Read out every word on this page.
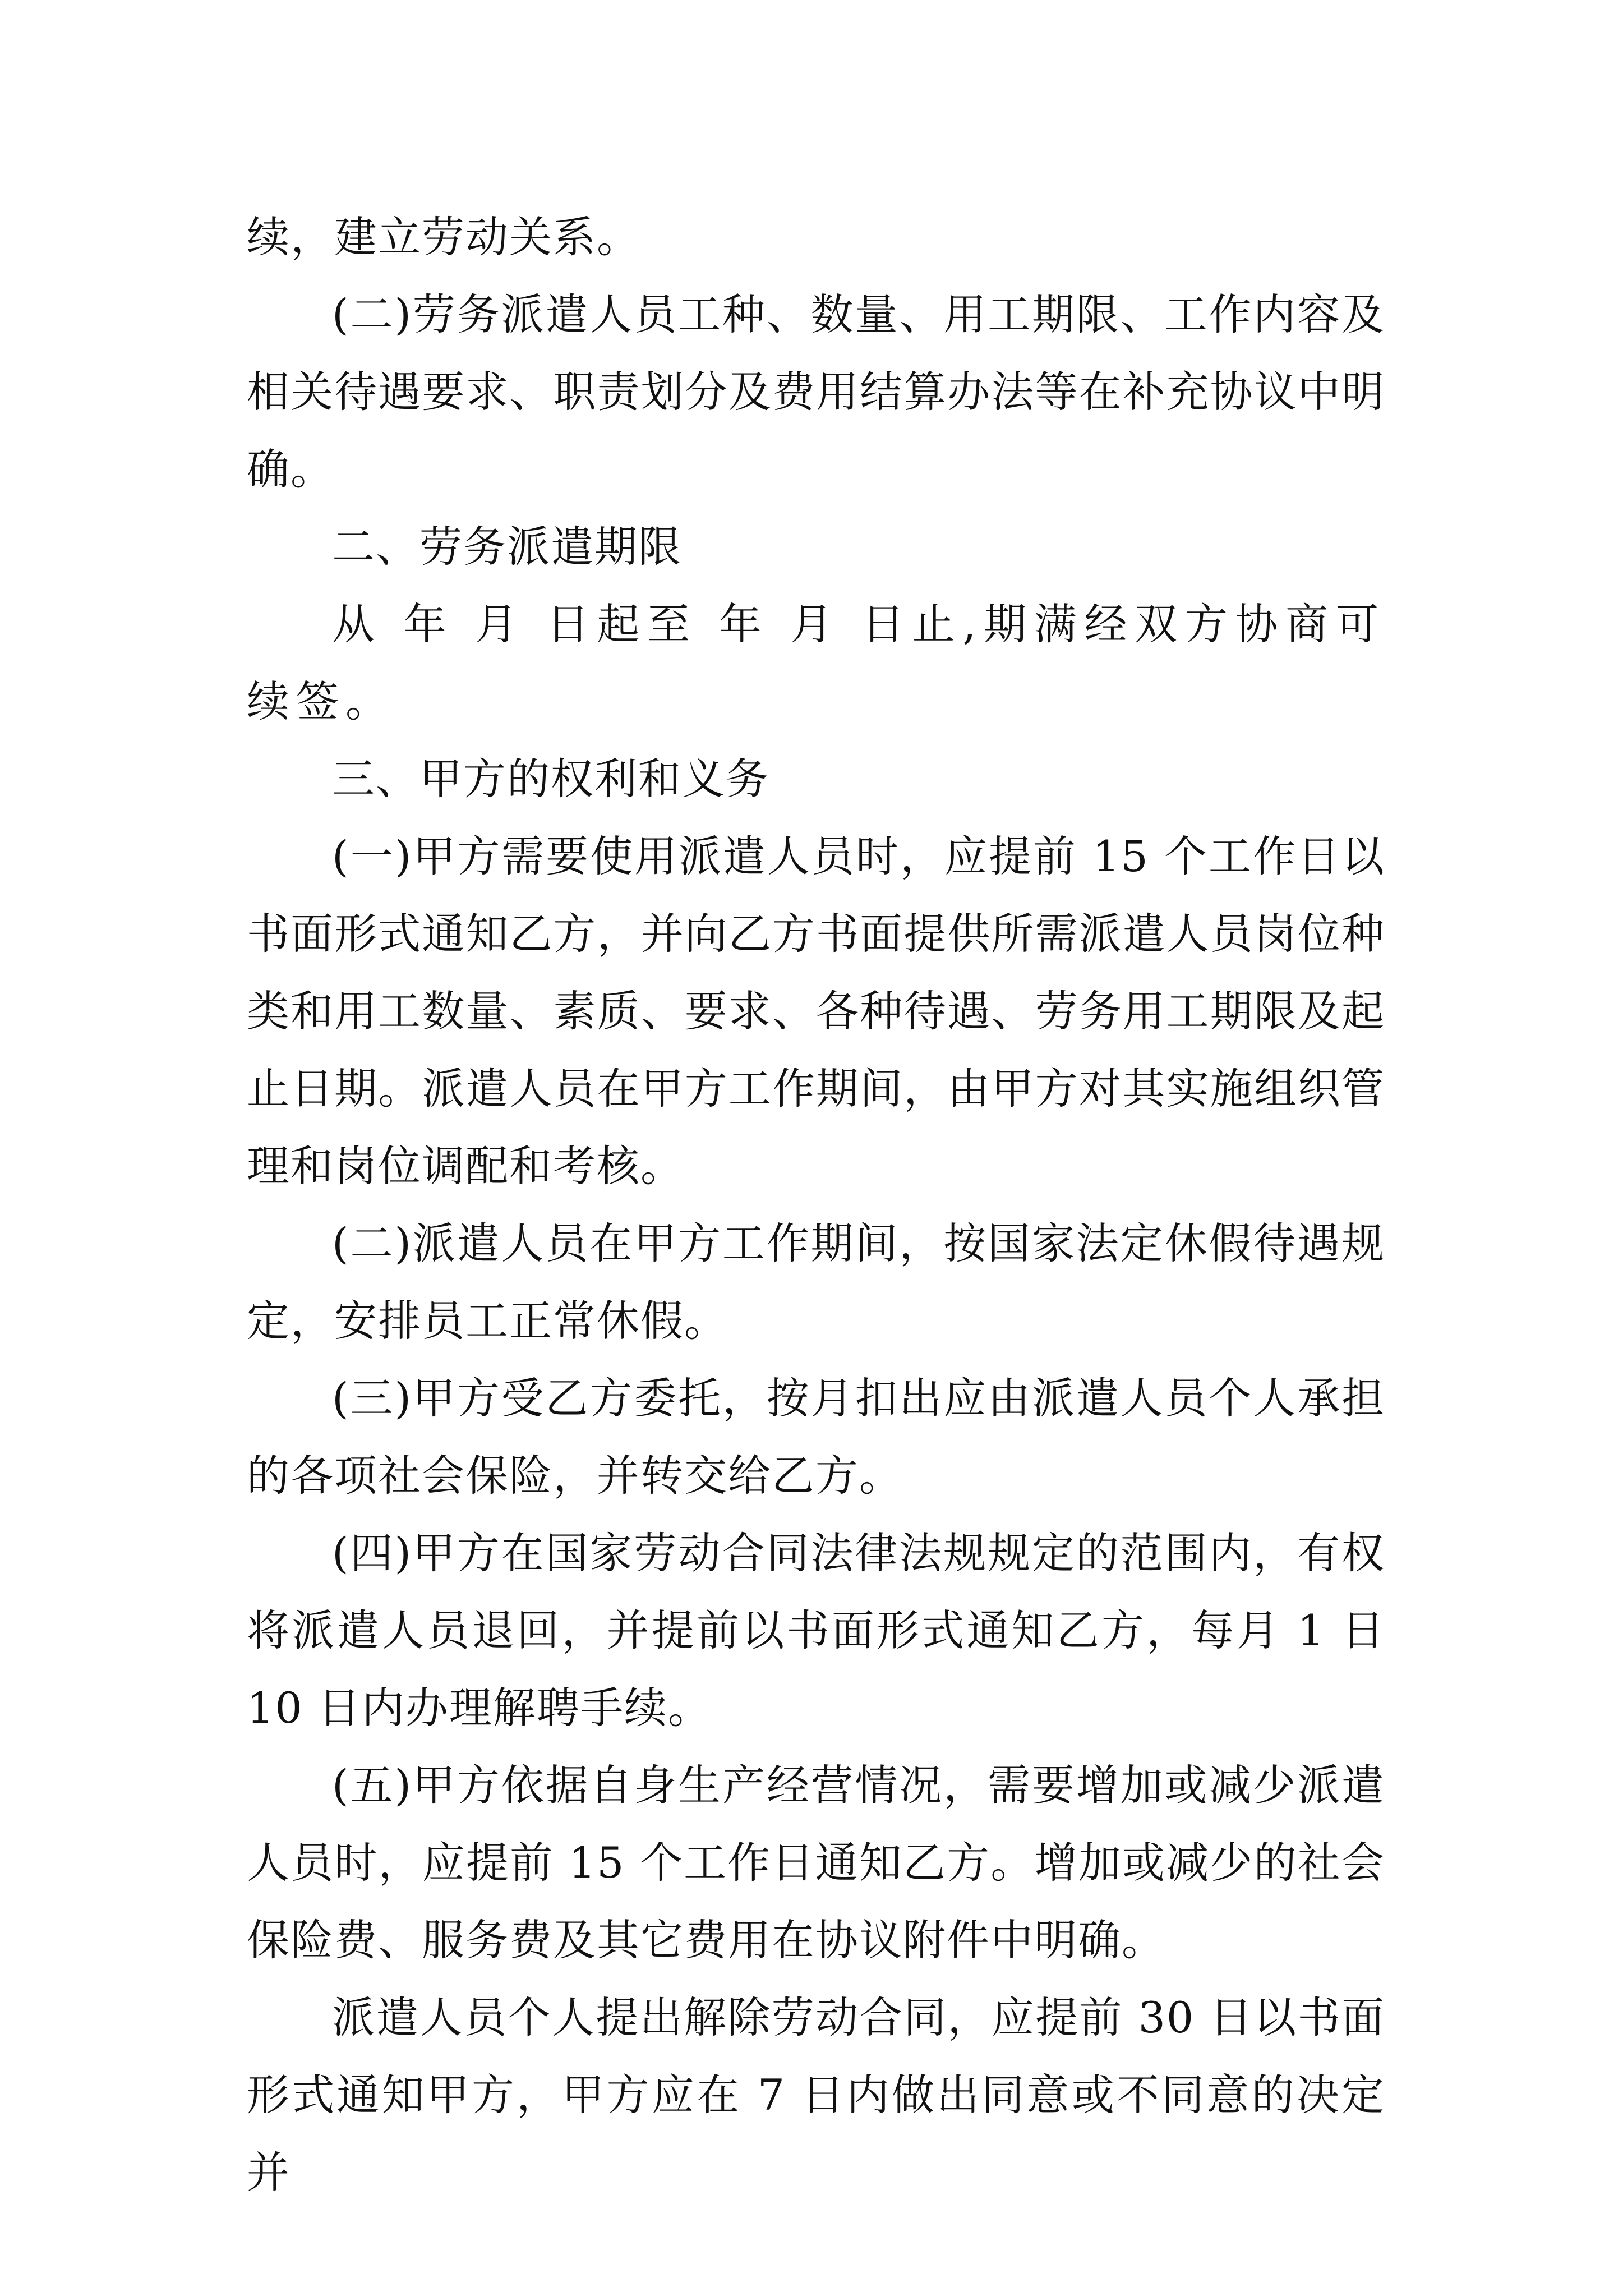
续，建立劳动关系。

(二)劳务派遣人员工种、数量、用工期限、工作内容及相关待遇要求、职责划分及费用结算办法等在补充协议中明确。

二、劳务派遣期限

从 年 月 日起至 年 月 日止,期满经双方协商可续签。

三、甲方的权利和义务

(一)甲方需要使用派遣人员时，应提前 15 个工作日以书面形式通知乙方，并向乙方书面提供所需派遣人员岗位种类和用工数量、素质、要求、各种待遇、劳务用工期限及起止日期。派遣人员在甲方工作期间，由甲方对其实施组织管理和岗位调配和考核。

(二)派遣人员在甲方工作期间，按国家法定休假待遇规定，安排员工正常休假。

(三)甲方受乙方委托，按月扣出应由派遣人员个人承担的各项社会保险，并转交给乙方。

(四)甲方在国家劳动合同法律法规规定的范围内，有权将派遣人员退回，并提前以书面形式通知乙方，每月 1 日 10 日内办理解聘手续。

(五)甲方依据自身生产经营情况，需要增加或减少派遣人员时，应提前 15 个工作日通知乙方。增加或减少的社会保险费、服务费及其它费用在协议附件中明确。

派遣人员个人提出解除劳动合同，应提前 30 日以书面形式通知甲方，甲方应在 7 日内做出同意或不同意的决定并
